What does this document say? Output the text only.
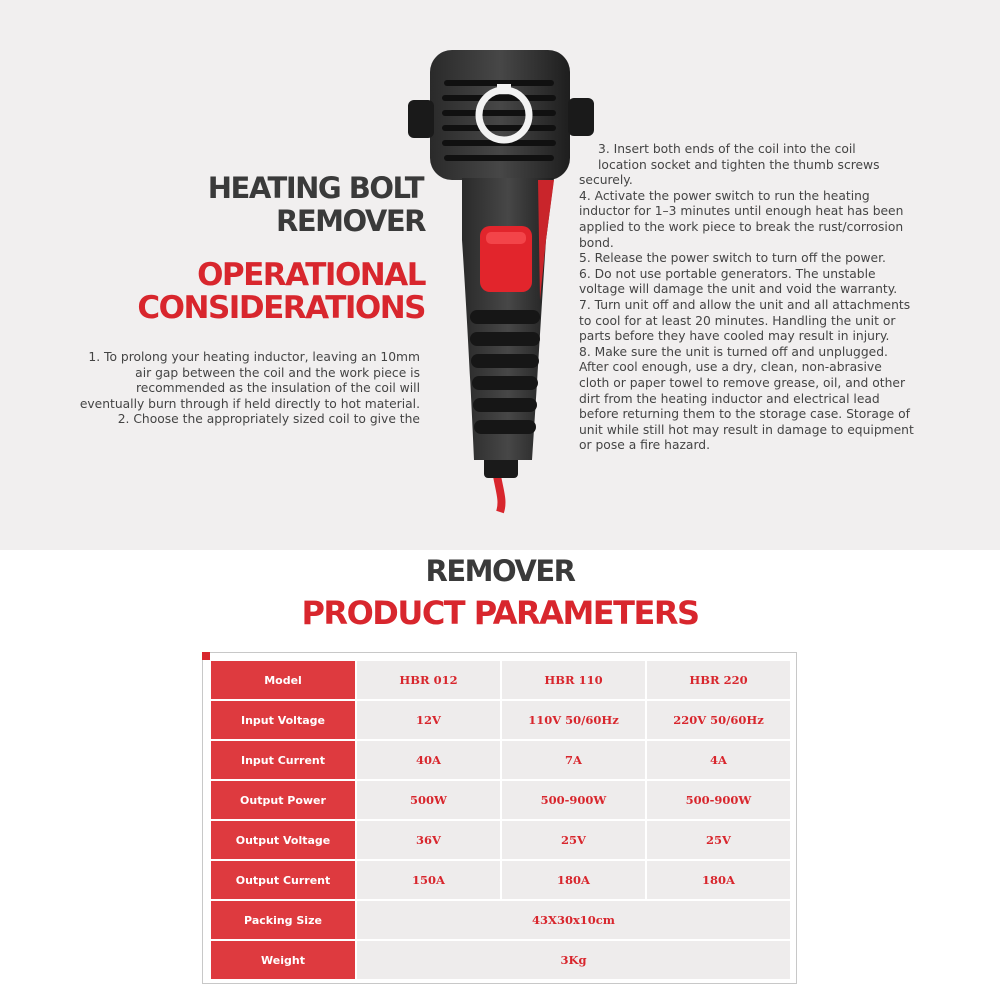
HEATING BOLT
REMOVER
OPERATIONAL
CONSIDERATIONS
1. To prolong your heating inductor, leaving an 10mm
air gap between the coil and the work piece is
recommended as the insulation of the coil will
eventually burn through if held directly to hot material.
2. Choose the appropriately sized coil to give the
3. Insert both ends of the coil into the coil
location socket and tighten the thumb screws
securely.
4. Activate the power switch to run the heating
inductor for 1–3 minutes until enough heat has been
applied to the work piece to break the rust/corrosion
bond.
5. Release the power switch to turn off the power.
6. Do not use portable generators. The unstable
voltage will damage the unit and void the warranty.
7. Turn unit off and allow the unit and all attachments
to cool for at least 20 minutes. Handling the unit or
parts before they have cooled may result in injury.
8. Make sure the unit is turned off and unplugged.
After cool enough, use a dry, clean, non-abrasive
cloth or paper towel to remove grease, oil, and other
dirt from the heating inductor and electrical lead
before returning them to the storage case. Storage of
unit while still hot may result in damage to equipment
or pose a fire hazard.
REMOVER
PRODUCT PARAMETERS
Model	HBR 012	HBR 110	HBR 220
Input Voltage	12V	110V 50/60Hz	220V 50/60Hz
Input Current	40A	7A	4A
Output Power	500W	500-900W	500-900W
Output Voltage	36V	25V	25V
Output Current	150A	180A	180A
Packing Size	43X30x10cm		
Weight	3Kg		
